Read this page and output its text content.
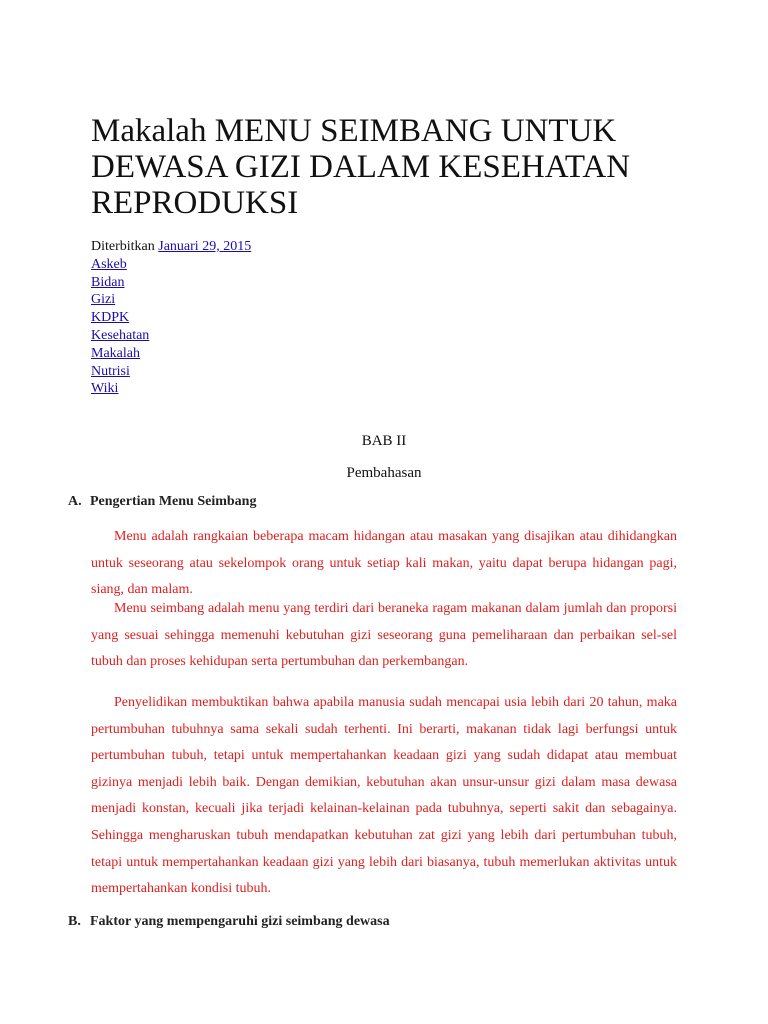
Makalah MENU SEIMBANG UNTUK DEWASA GIZI DALAM KESEHATAN REPRODUKSI
Diterbitkan Januari 29, 2015
Askeb
Bidan
Gizi
KDPK
Kesehatan
Makalah
Nutrisi
Wiki
BAB II
Pembahasan
A. Pengertian Menu Seimbang

Menu adalah rangkaian beberapa macam hidangan atau masakan yang disajikan atau dihidangkan untuk seseorang atau sekelompok orang untuk setiap kali makan, yaitu dapat berupa hidangan pagi, siang, dan malam.

Menu seimbang adalah menu yang terdiri dari beraneka ragam makanan dalam jumlah dan proporsi yang sesuai sehingga memenuhi kebutuhan gizi seseorang guna pemeliharaan dan perbaikan sel-sel tubuh dan proses kehidupan serta pertumbuhan dan perkembangan.

Penyelidikan membuktikan bahwa apabila manusia sudah mencapai usia lebih dari 20 tahun, maka pertumbuhan tubuhnya sama sekali sudah terhenti. Ini berarti, makanan tidak lagi berfungsi untuk pertumbuhan tubuh, tetapi untuk mempertahankan keadaan gizi yang sudah didapat atau membuat gizinya menjadi lebih baik. Dengan demikian, kebutuhan akan unsur-unsur gizi dalam masa dewasa menjadi konstan, kecuali jika terjadi kelainan-kelainan pada tubuhnya, seperti sakit dan sebagainya. Sehingga mengharuskan tubuh mendapatkan kebutuhan zat gizi yang lebih dari pertumbuhan tubuh, tetapi untuk mempertahankan keadaan gizi yang lebih dari biasanya, tubuh memerlukan aktivitas untuk mempertahankan kondisi tubuh.

B. Faktor yang mempengaruhi gizi seimbang dewasa
